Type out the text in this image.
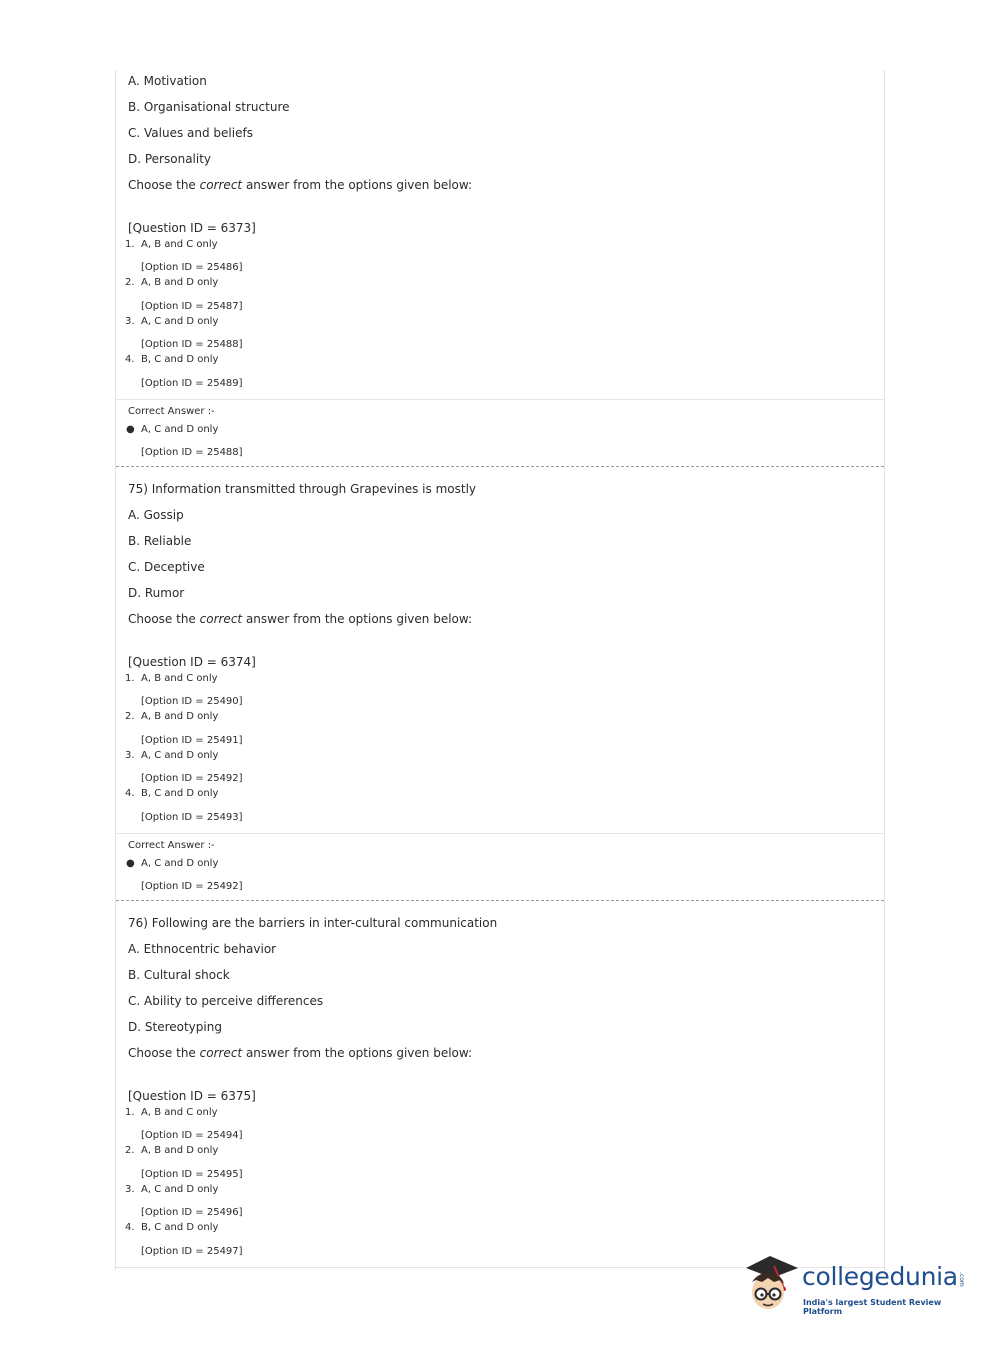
A. Motivation
B. Organisational structure
C. Values and beliefs
D. Personality
Choose the correct answer from the options given below:
[Question ID = 6373]
1. A, B and C only
[Option ID = 25486]
2. A, B and D only
[Option ID = 25487]
3. A, C and D only
[Option ID = 25488]
4. B, C and D only
[Option ID = 25489]
Correct Answer :-
● A, C and D only
[Option ID = 25488]
75) Information transmitted through Grapevines is mostly
A. Gossip
B. Reliable
C. Deceptive
D. Rumor
Choose the correct answer from the options given below:
[Question ID = 6374]
1. A, B and C only
[Option ID = 25490]
2. A, B and D only
[Option ID = 25491]
3. A, C and D only
[Option ID = 25492]
4. B, C and D only
[Option ID = 25493]
Correct Answer :-
● A, C and D only
[Option ID = 25492]
76) Following are the barriers in inter-cultural communication
A. Ethnocentric behavior
B. Cultural shock
C. Ability to perceive differences
D. Stereotyping
Choose the correct answer from the options given below:
[Question ID = 6375]
1. A, B and C only
[Option ID = 25494]
2. A, B and D only
[Option ID = 25495]
3. A, C and D only
[Option ID = 25496]
4. B, C and D only
[Option ID = 25497]
collegedunia .com
India's largest Student Review Platform
